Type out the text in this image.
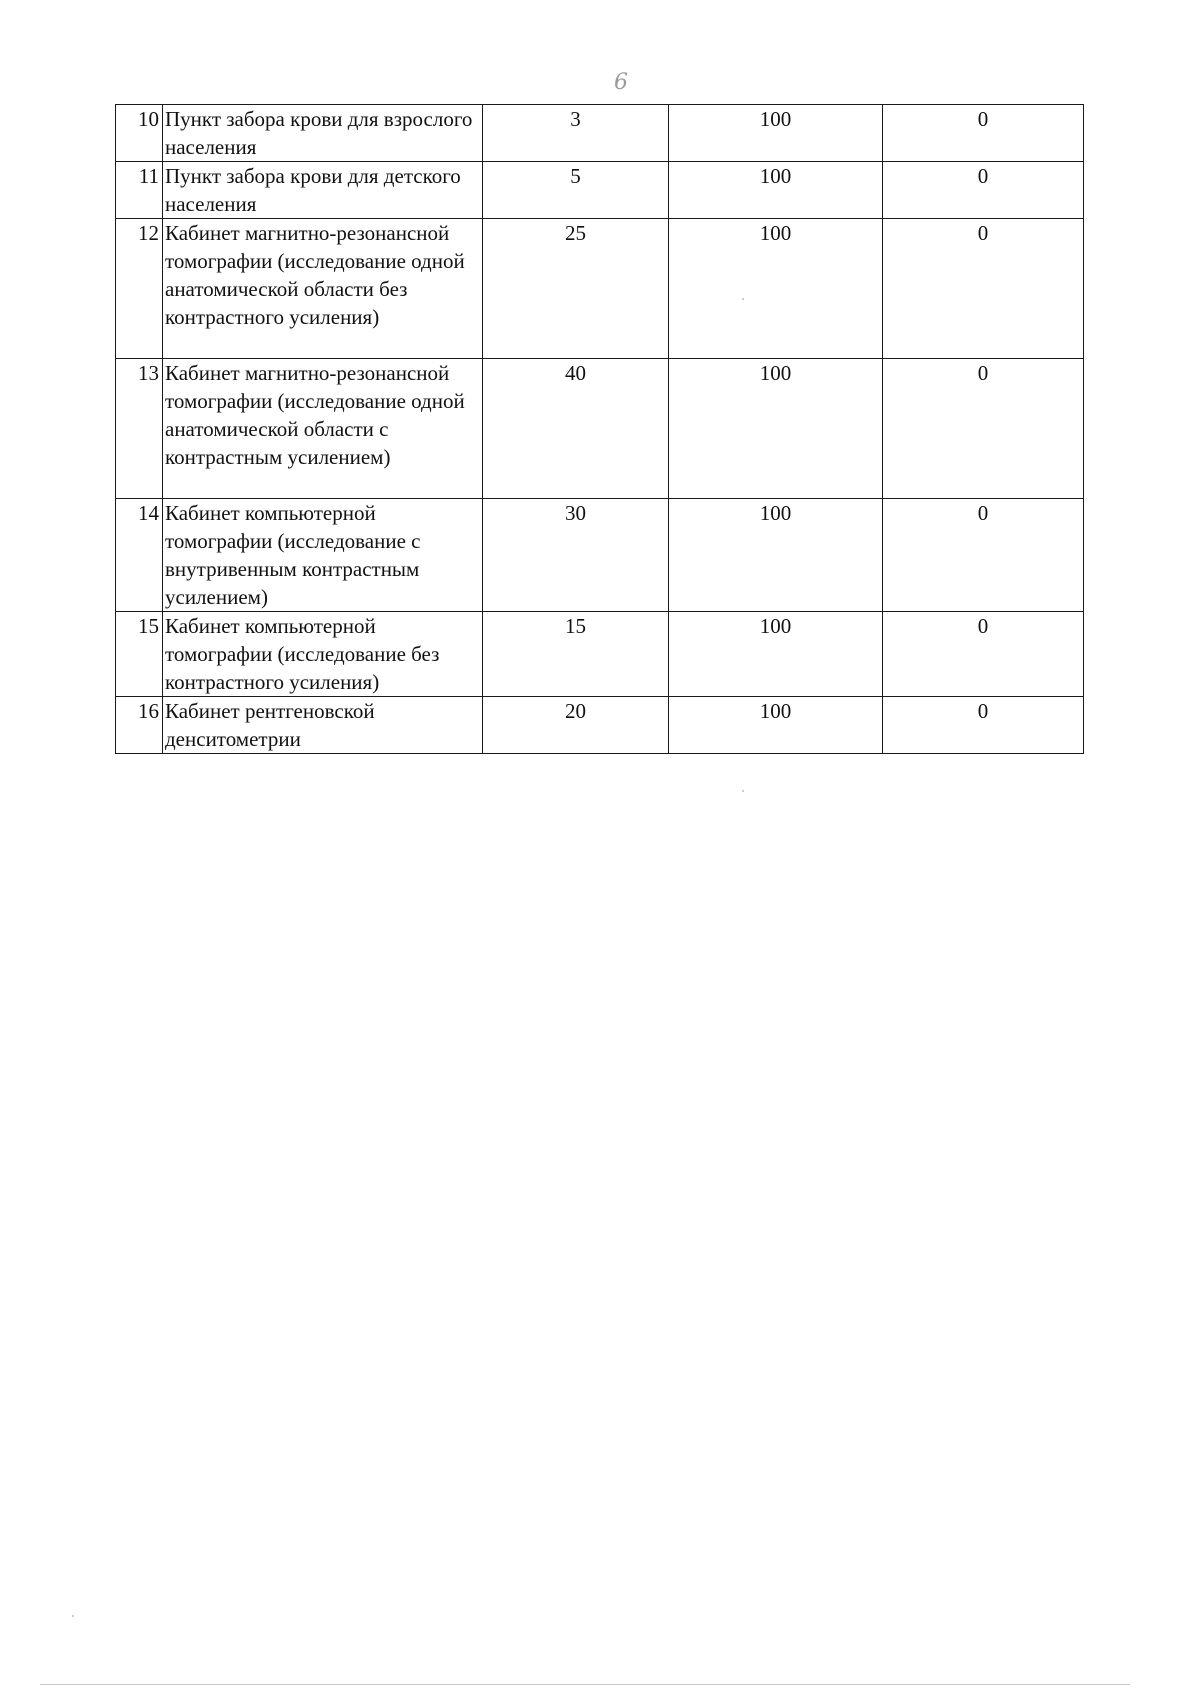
6
10	Пункт забора крови для взрослого населения	3	100	0
11	Пункт забора крови для детского населения	5	100	0
12	Кабинет магнитно-резонансной томографии (исследование одной анатомической области без контрастного усиления)	25	100	0
13	Кабинет магнитно-резонансной томографии (исследование одной анатомической области с контрастным усилением)	40	100	0
14	Кабинет компьютерной томографии (исследование с внутривенным контрастным усилением)	30	100	0
15	Кабинет компьютерной томографии (исследование без контрастного усиления)	15	100	0
16	Кабинет рентгеновской денситометрии	20	100	0
